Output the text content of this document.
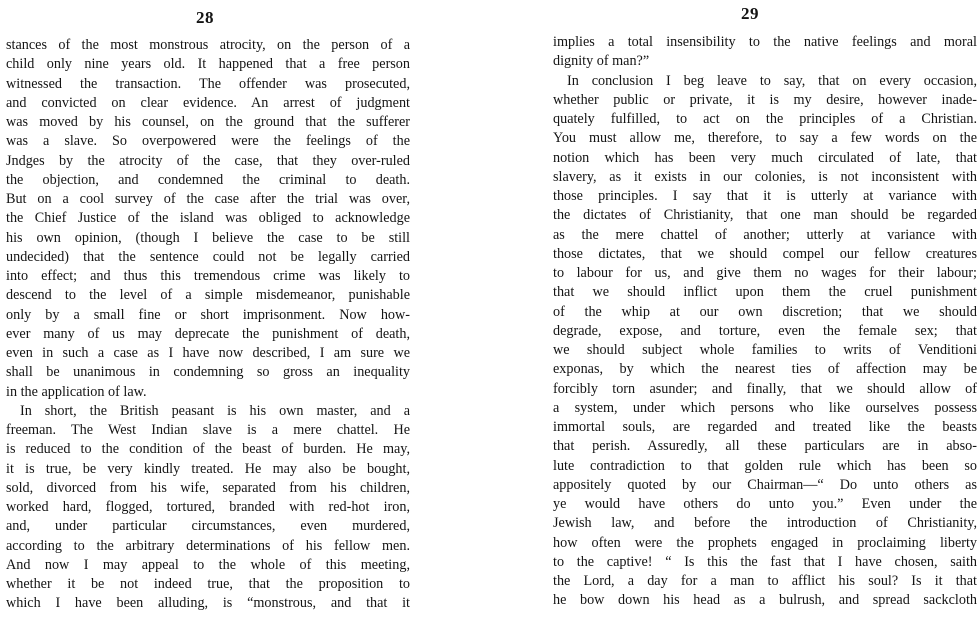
28
stances of the most monstrous atrocity, on the person of a
child only nine years old. It happened that a free person
witnessed the transaction. The offender was prosecuted,
and convicted on clear evidence. An arrest of judgment
was moved by his counsel, on the ground that the sufferer
was a slave. So overpowered were the feelings of the
Jndges by the atrocity of the case, that they over-ruled
the objection, and condemned the criminal to death.
But on a cool survey of the case after the trial was over,
the Chief Justice of the island was obliged to acknowledge
his own opinion, (though I believe the case to be still
undecided) that the sentence could not be legally carried
into effect; and thus this tremendous crime was likely to
descend to the level of a simple misdemeanor, punishable
only by a small fine or short imprisonment. Now how-
ever many of us may deprecate the punishment of death,
even in such a case as I have now described, I am sure we
shall be unanimous in condemning so gross an inequality
in the application of law.
In short, the British peasant is his own master, and a
freeman. The West Indian slave is a mere chattel. He
is reduced to the condition of the beast of burden. He may,
it is true, be very kindly treated. He may also be bought,
sold, divorced from his wife, separated from his children,
worked hard, flogged, tortured, branded with red-hot iron,
and, under particular circumstances, even murdered,
according to the arbitrary determinations of his fellow men.
And now I may appeal to the whole of this meeting,
whether it be not indeed true, that the proposition to
which I have been alluding, is “monstrous, and that it
29
implies a total insensibility to the native feelings and moral
dignity of man?”
In conclusion I beg leave to say, that on every occasion,
whether public or private, it is my desire, however inade-
quately fulfilled, to act on the principles of a Christian.
You must allow me, therefore, to say a few words on the
notion which has been very much circulated of late, that
slavery, as it exists in our colonies, is not inconsistent with
those principles. I say that it is utterly at variance with
the dictates of Christianity, that one man should be regarded
as the mere chattel of another; utterly at variance with
those dictates, that we should compel our fellow creatures
to labour for us, and give them no wages for their labour;
that we should inflict upon them the cruel punishment
of the whip at our own discretion; that we should
degrade, expose, and torture, even the female sex; that
we should subject whole families to writs of Venditioni
exponas, by which the nearest ties of affection may be
forcibly torn asunder; and finally, that we should allow of
a system, under which persons who like ourselves possess
immortal souls, are regarded and treated like the beasts
that perish. Assuredly, all these particulars are in abso-
lute contradiction to that golden rule which has been so
appositely quoted by our Chairman—“ Do unto others as
ye would have others do unto you.” Even under the
Jewish law, and before the introduction of Christianity,
how often were the prophets engaged in proclaiming liberty
to the captive! “ Is this the fast that I have chosen, saith
the Lord, a day for a man to afflict his soul? Is it that
he bow down his head as a bulrush, and spread sackcloth
